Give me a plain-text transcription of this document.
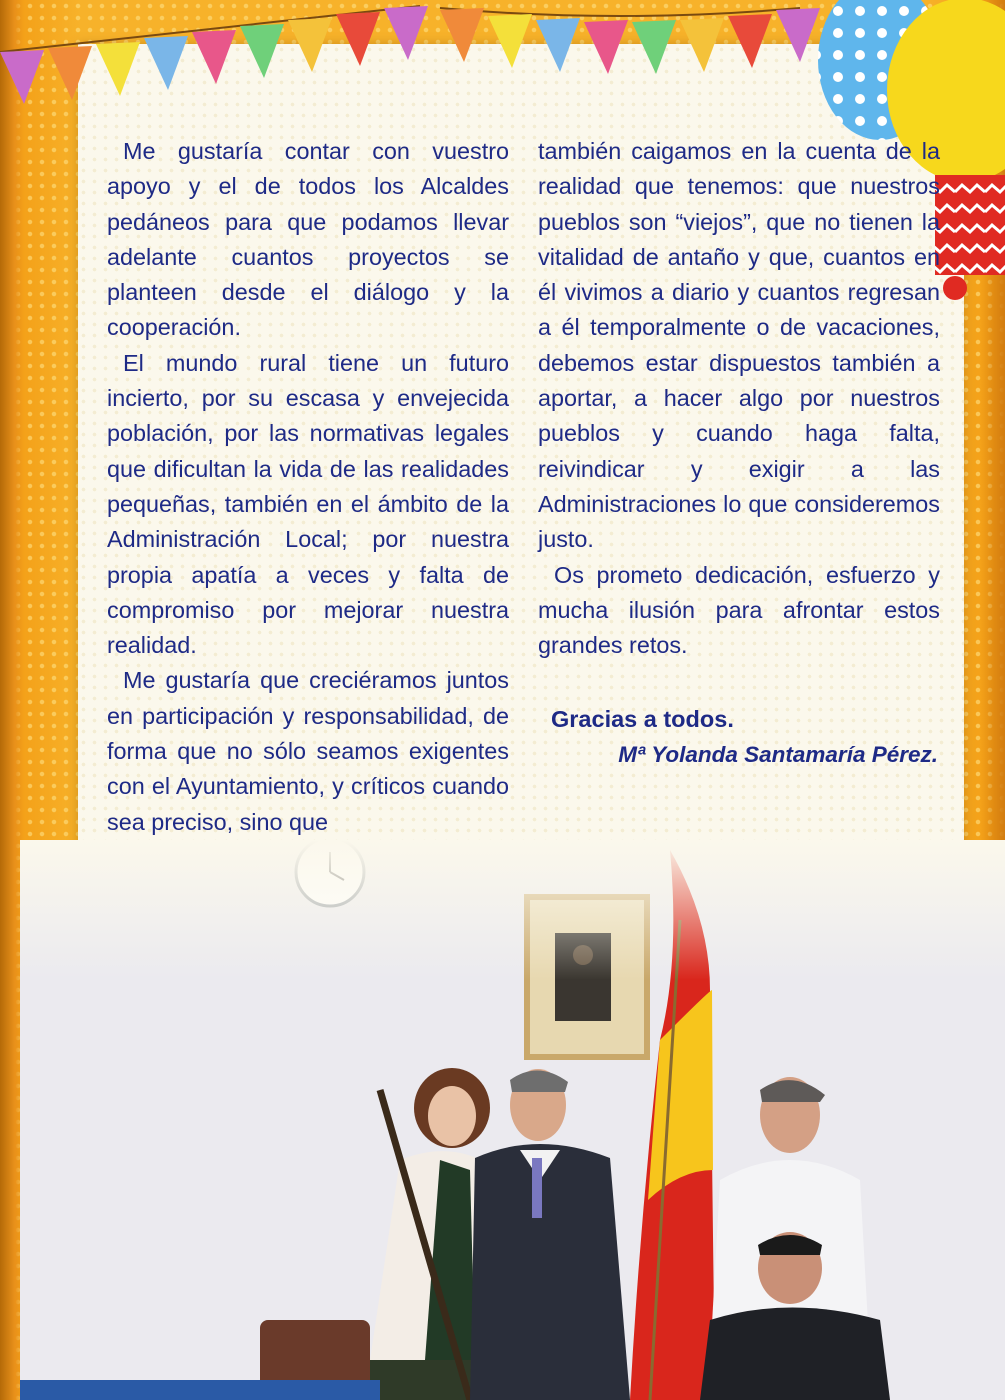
Me gustaría contar con vuestro apoyo y el de todos los Alcaldes pedáneos para que podamos llevar adelante cuantos proyectos se planteen desde el diálogo y la cooperación.

El mundo rural tiene un futuro incierto, por su escasa y envejecida población, por las normativas legales que dificultan la vida de las realidades pequeñas, también en el ámbito de la Administración Local; por nuestra propia apatía a veces y falta de compromiso por mejorar nuestra realidad.

Me gustaría que creciéramos juntos en participación y responsabilidad, de forma que no sólo seamos exigentes con el Ayuntamiento, y críticos cuando sea preciso, sino que

también caigamos en la cuenta de la realidad que tenemos: que nuestros pueblos son “viejos”, que no tienen la vitalidad de antaño y que, cuantos en él vivimos a diario y cuantos regresan a él temporalmente o de vacaciones, debemos estar dispuestos también a aportar, a hacer algo por nuestros pueblos y cuando haga falta, reivindicar y exigir a las Administraciones lo que consideremos justo.

Os prometo dedicación, esfuerzo y mucha ilusión para afrontar estos grandes retos.

Gracias a todos.
Mª Yolanda Santamaría Pérez.
